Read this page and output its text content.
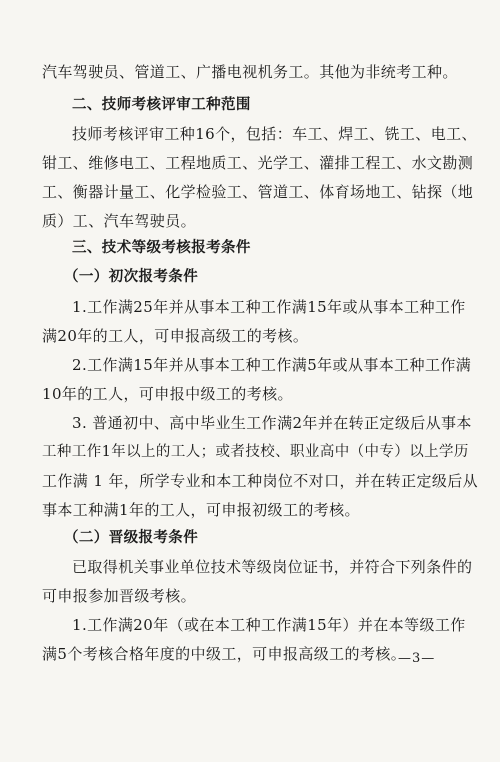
汽车驾驶员、管道工、广播电视机务工。其他为非统考工种。
二、技师考核评审工种范围
技师考核评审工种16个，包括：车工、焊工、铣工、电工、
钳工、维修电工、工程地质工、光学工、灌排工程工、水文勘测
工、衡器计量工、化学检验工、管道工、体育场地工、钻探（地
质）工、汽车驾驶员。
三、技术等级考核报考条件
（一）初次报考条件
1.工作满25年并从事本工种工作满15年或从事本工种工作
满20年的工人，可申报高级工的考核。
2.工作满15年并从事本工种工作满5年或从事本工种工作满
10年的工人，可申报中级工的考核。
3. 普通初中、高中毕业生工作满2年并在转正定级后从事本
工种工作1年以上的工人；或者技校、职业高中（中专）以上学历
工作满 1 年，所学专业和本工种岗位不对口，并在转正定级后从
事本工种满1年的工人，可申报初级工的考核。
（二）晋级报考条件
已取得机关事业单位技术等级岗位证书，并符合下列条件的
可申报参加晋级考核。
1.工作满20年（或在本工种工作满15年）并在本等级工作
满5个考核合格年度的中级工，可申报高级工的考核。
—3—
